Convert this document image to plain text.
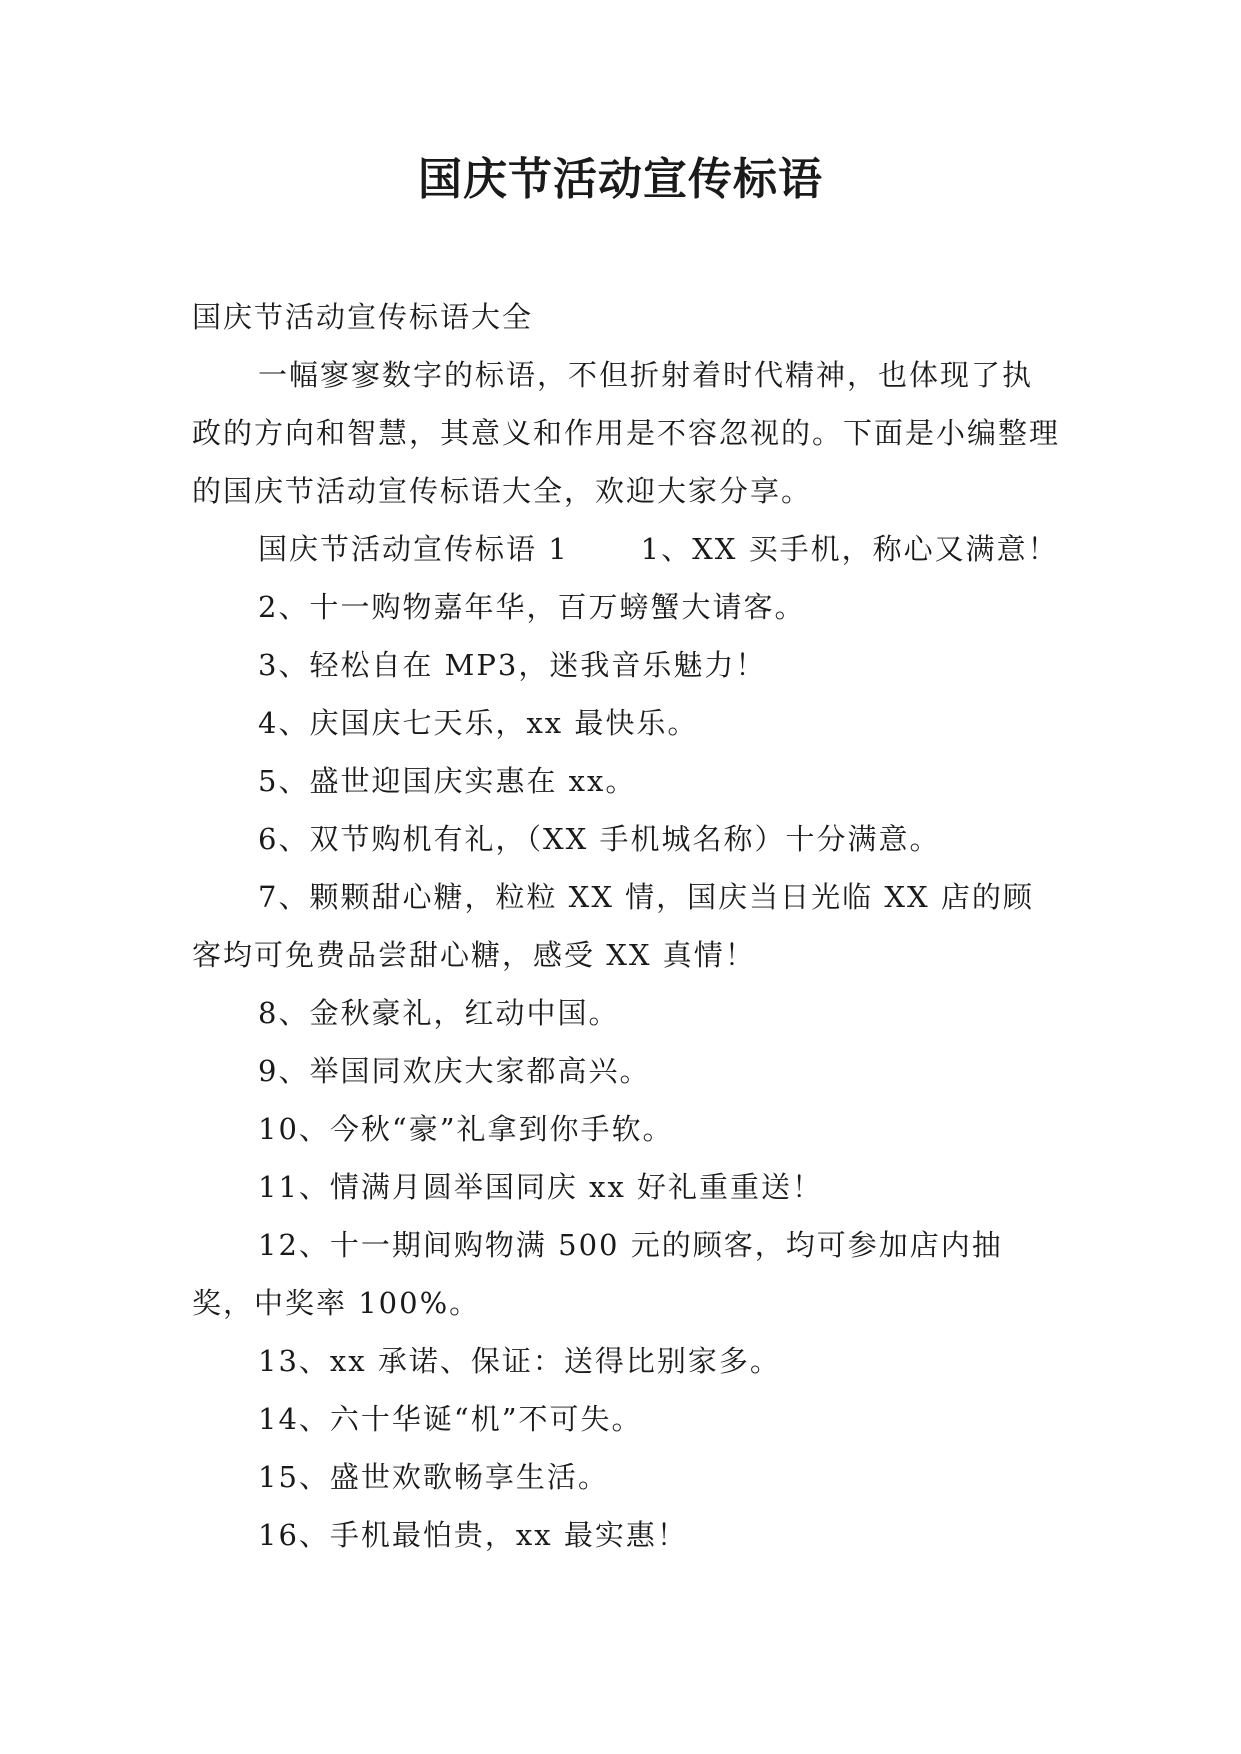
国庆节活动宣传标语

国庆节活动宣传标语大全

一幅寥寥数字的标语，不但折射着时代精神，也体现了执政的方向和智慧，其意义和作用是不容忽视的。下面是小编整理的国庆节活动宣传标语大全，欢迎大家分享。

国庆节活动宣传标语 1 1、XX 买手机，称心又满意！

2、十一购物嘉年华，百万螃蟹大请客。

3、轻松自在 MP3，迷我音乐魅力！

4、庆国庆七天乐，xx 最快乐。

5、盛世迎国庆实惠在 xx。

6、双节购机有礼，（XX 手机城名称）十分满意。

7、颗颗甜心糖，粒粒 XX 情，国庆当日光临 XX 店的顾客均可免费品尝甜心糖，感受 XX 真情！

8、金秋豪礼，红动中国。

9、举国同欢庆大家都高兴。

10、今秋“豪”礼拿到你手软。

11、情满月圆举国同庆 xx 好礼重重送！

12、十一期间购物满 500 元的顾客，均可参加店内抽奖，中奖率 100%。

13、xx 承诺、保证：送得比别家多。

14、六十华诞“机”不可失。

15、盛世欢歌畅享生活。

16、手机最怕贵，xx 最实惠！
